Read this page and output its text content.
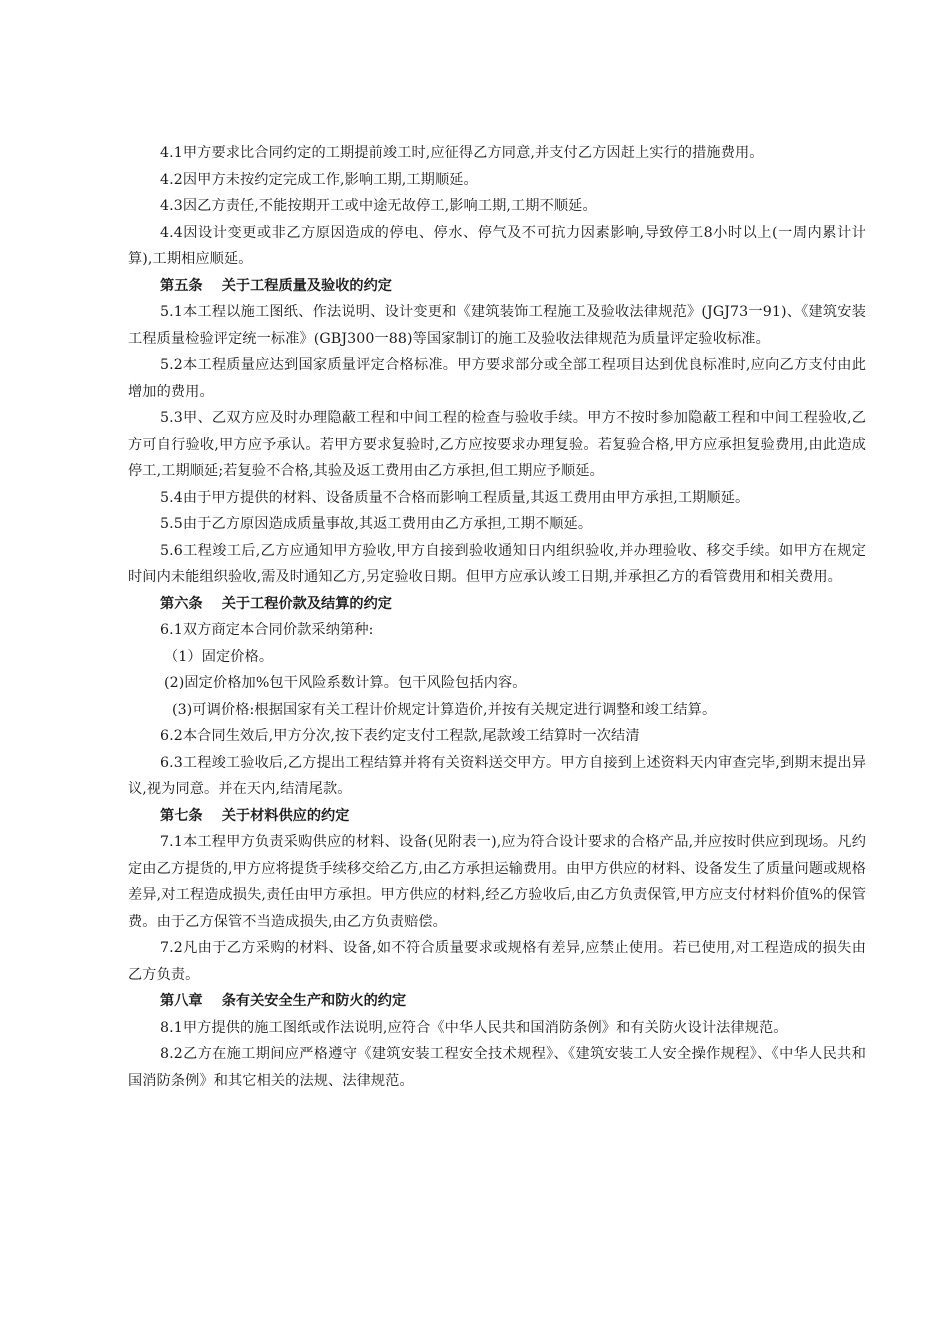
4.1甲方要求比合同约定的工期提前竣工时,应征得乙方同意,并支付乙方因赶上实行的措施费用。

4.2因甲方未按约定完成工作,影响工期,工期顺延。

4.3因乙方责任,不能按期开工或中途无故停工,影响工期,工期不顺延。

4.4因设计变更或非乙方原因造成的停电、停水、停气及不可抗力因素影响,导致停工8小时以上(一周内累计计算),工期相应顺延。

第五条　 关于工程质量及验收的约定

5.1本工程以施工图纸、作法说明、设计变更和《建筑装饰工程施工及验收法律规范》(JGJ73一91)、《建筑安装工程质量检验评定统一标准》(GBJ300一88)等国家制订的施工及验收法律规范为质量评定验收标准。

5.2本工程质量应达到国家质量评定合格标准。甲方要求部分或全部工程项目达到优良标准时,应向乙方支付由此增加的费用。

5.3甲、乙双方应及时办理隐蔽工程和中间工程的检查与验收手续。甲方不按时参加隐蔽工程和中间工程验收,乙方可自行验收,甲方应予承认。若甲方要求复验时,乙方应按要求办理复验。若复验合格,甲方应承担复验费用,由此造成停工,工期顺延;若复验不合格,其验及返工费用由乙方承担,但工期应予顺延。

5.4由于甲方提供的材料、设备质量不合格而影响工程质量,其返工费用由甲方承担,工期顺延。

5.5由于乙方原因造成质量事故,其返工费用由乙方承担,工期不顺延。

5.6工程竣工后,乙方应通知甲方验收,甲方自接到验收通知日内组织验收,并办理验收、移交手续。如甲方在规定时间内未能组织验收,需及时通知乙方,另定验收日期。但甲方应承认竣工日期,并承担乙方的看管费用和相关费用。

第六条　 关于工程价款及结算的约定

6.1双方商定本合同价款采纳第种:

（1）固定价格。

(2)固定价格加%包干风险系数计算。包干风险包括内容。

(3)可调价格:根据国家有关工程计价规定计算造价,并按有关规定进行调整和竣工结算。

6.2本合同生效后,甲方分次,按下表约定支付工程款,尾款竣工结算时一次结清

6.3工程竣工验收后,乙方提出工程结算并将有关资料送交甲方。甲方自接到上述资料天内审查完毕,到期末提出异议,视为同意。并在天内,结清尾款。

第七条　 关于材料供应的约定

7.1本工程甲方负责采购供应的材料、设备(见附表一),应为符合设计要求的合格产品,并应按时供应到现场。凡约定由乙方提货的,甲方应将提货手续移交给乙方,由乙方承担运输费用。由甲方供应的材料、设备发生了质量问题或规格差异,对工程造成损失,责任由甲方承担。甲方供应的材料,经乙方验收后,由乙方负责保管,甲方应支付材料价值%的保管费。由于乙方保管不当造成损失,由乙方负责赔偿。

7.2凡由于乙方采购的材料、设备,如不符合质量要求或规格有差异,应禁止使用。若已使用,对工程造成的损失由乙方负责。

第八章　 条有关安全生产和防火的约定

8.1甲方提供的施工图纸或作法说明,应符合《中华人民共和国消防条例》和有关防火设计法律规范。

8.2乙方在施工期间应严格遵守《建筑安装工程安全技术规程》、《建筑安装工人安全操作规程》、《中华人民共和国消防条例》和其它相关的法规、法律规范。
